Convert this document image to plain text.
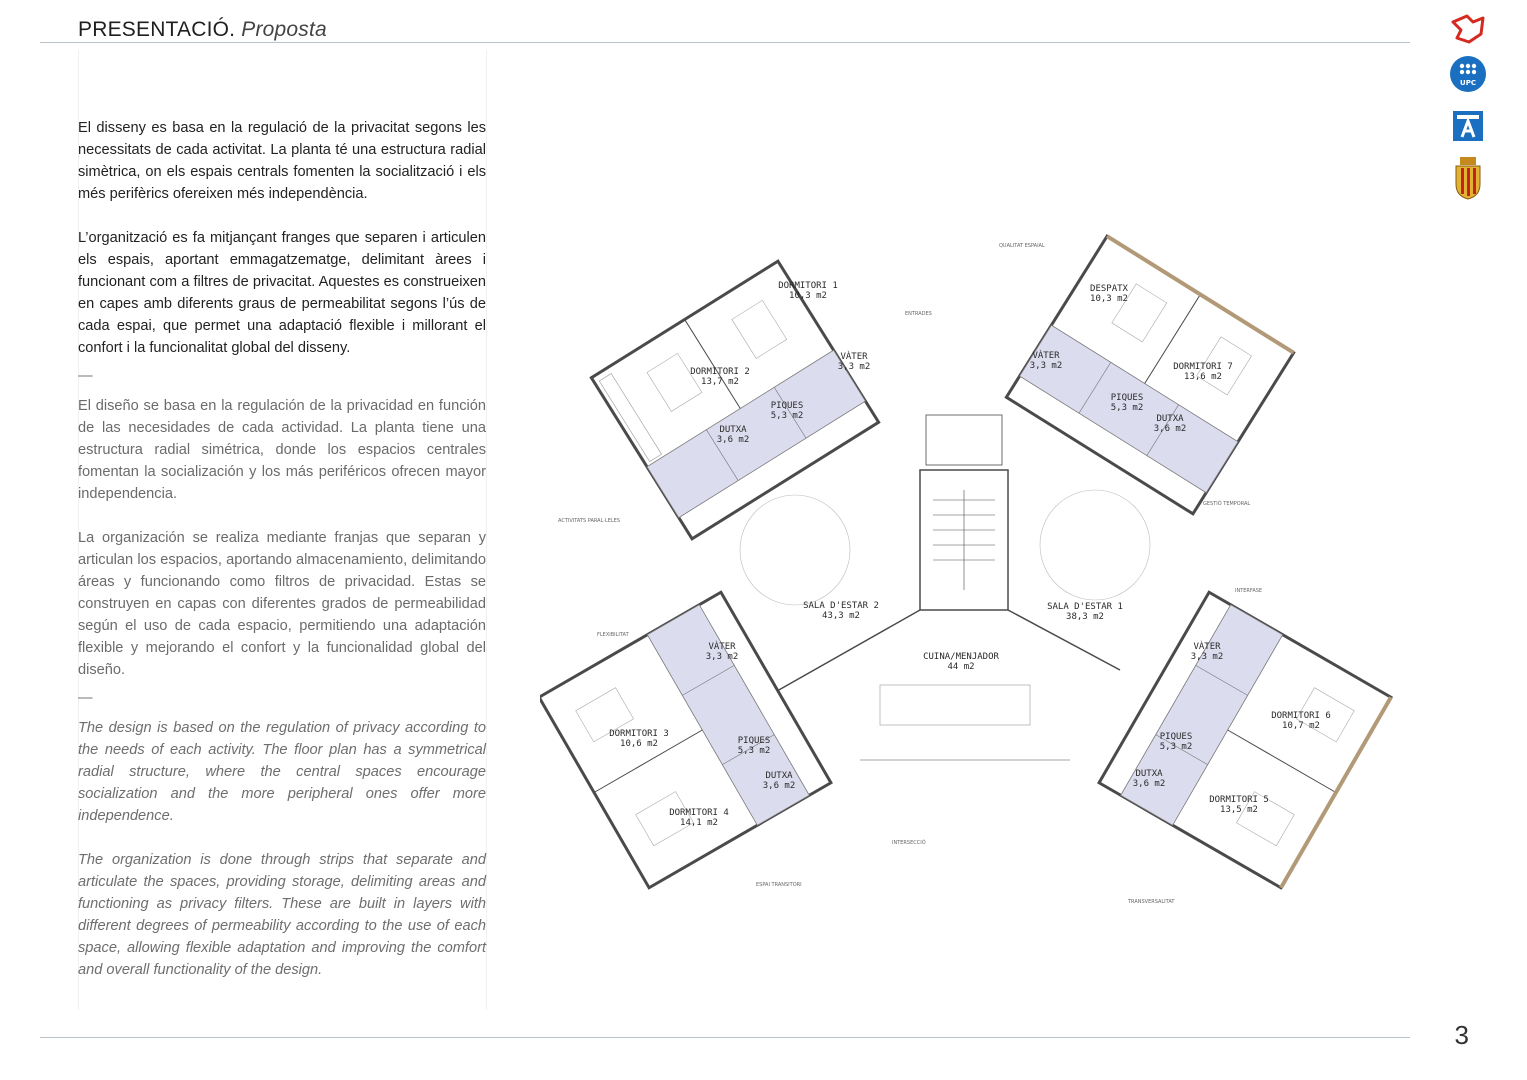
PRESENTACIÓ. Proposta

El disseny es basa en la regulació de la privacitat segons les necessitats de cada activitat. La planta té una estructura radial simètrica, on els espais centrals fomenten la socialització i els més perifèrics ofereixen més independència.

L’organització es fa mitjançant franges que separen i articulen els espais, aportant emmagatzematge, delimitant àrees i funcionant com a filtres de privacitat. Aquestes es construeixen en capes amb diferents graus de permeabilitat segons l’ús de cada espai, que permet una adaptació flexible i millorant el confort i la funcionalitat global del disseny.

—

El diseño se basa en la regulación de la privacidad en función de las necesidades de cada actividad. La planta tiene una estructura radial simétrica, donde los espacios centrales fomentan la socialización y los más periféricos ofrecen mayor independencia.

La organización se realiza mediante franjas que separan y articulan los espacios, aportando almacenamiento, delimitando áreas y funcionando como filtros de privacidad. Estas se construyen en capas con diferentes grados de permeabilidad según el uso de cada espacio, permitiendo una adaptación flexible y mejorando el confort y la funcionalidad global del diseño.

—

The design is based on the regulation of privacy according to the needs of each activity. The floor plan has a symmetrical radial structure, where the central spaces encourage socialization and the more peripheral ones offer more independence.

The organization is done through strips that separate and articulate the spaces, providing storage, delimiting areas and functioning as privacy filters. These are built in layers with different degrees of permeability according to the use of each space, allowing flexible adaptation and improving the comfort and overall functionality of the design.

DORMITORI 1 10,3 m2
DORMITORI 2 13,7 m2
VÀTER 3,3 m2
PIQUES 5,3 m2
DUTXA 3,6 m2
DESPATX 10,3 m2
DORMITORI 7 13,6 m2
VÀTER 3,3 m2
PIQUES 5,3 m2
DUTXA 3,6 m2
SALA D'ESTAR 2 43,3 m2
SALA D'ESTAR 1 38,3 m2
CUINA/MENJADOR 44 m2
VÀTER 3,3 m2
DORMITORI 3 10,6 m2	PIQUES 5,3 m2
DUTXA 3,6 m2
DORMITORI 4 14,1 m2
VÀTER 3,3 m2
DORMITORI 6 10,7 m2
PIQUES 5,3 m2
DUTXA 3,6 m2
DORMITORI 5 13,5 m2
QUALITAT ESPAIAL
ENTRADES
ACTIVITATS PARAL·LELES
GESTIÓ TEMPORAL
FLEXIBILITAT
INTERFASE
INTERSECCIÓ
ESPAI TRANSITORI
TRANSVERSALITAT
UPC
3
